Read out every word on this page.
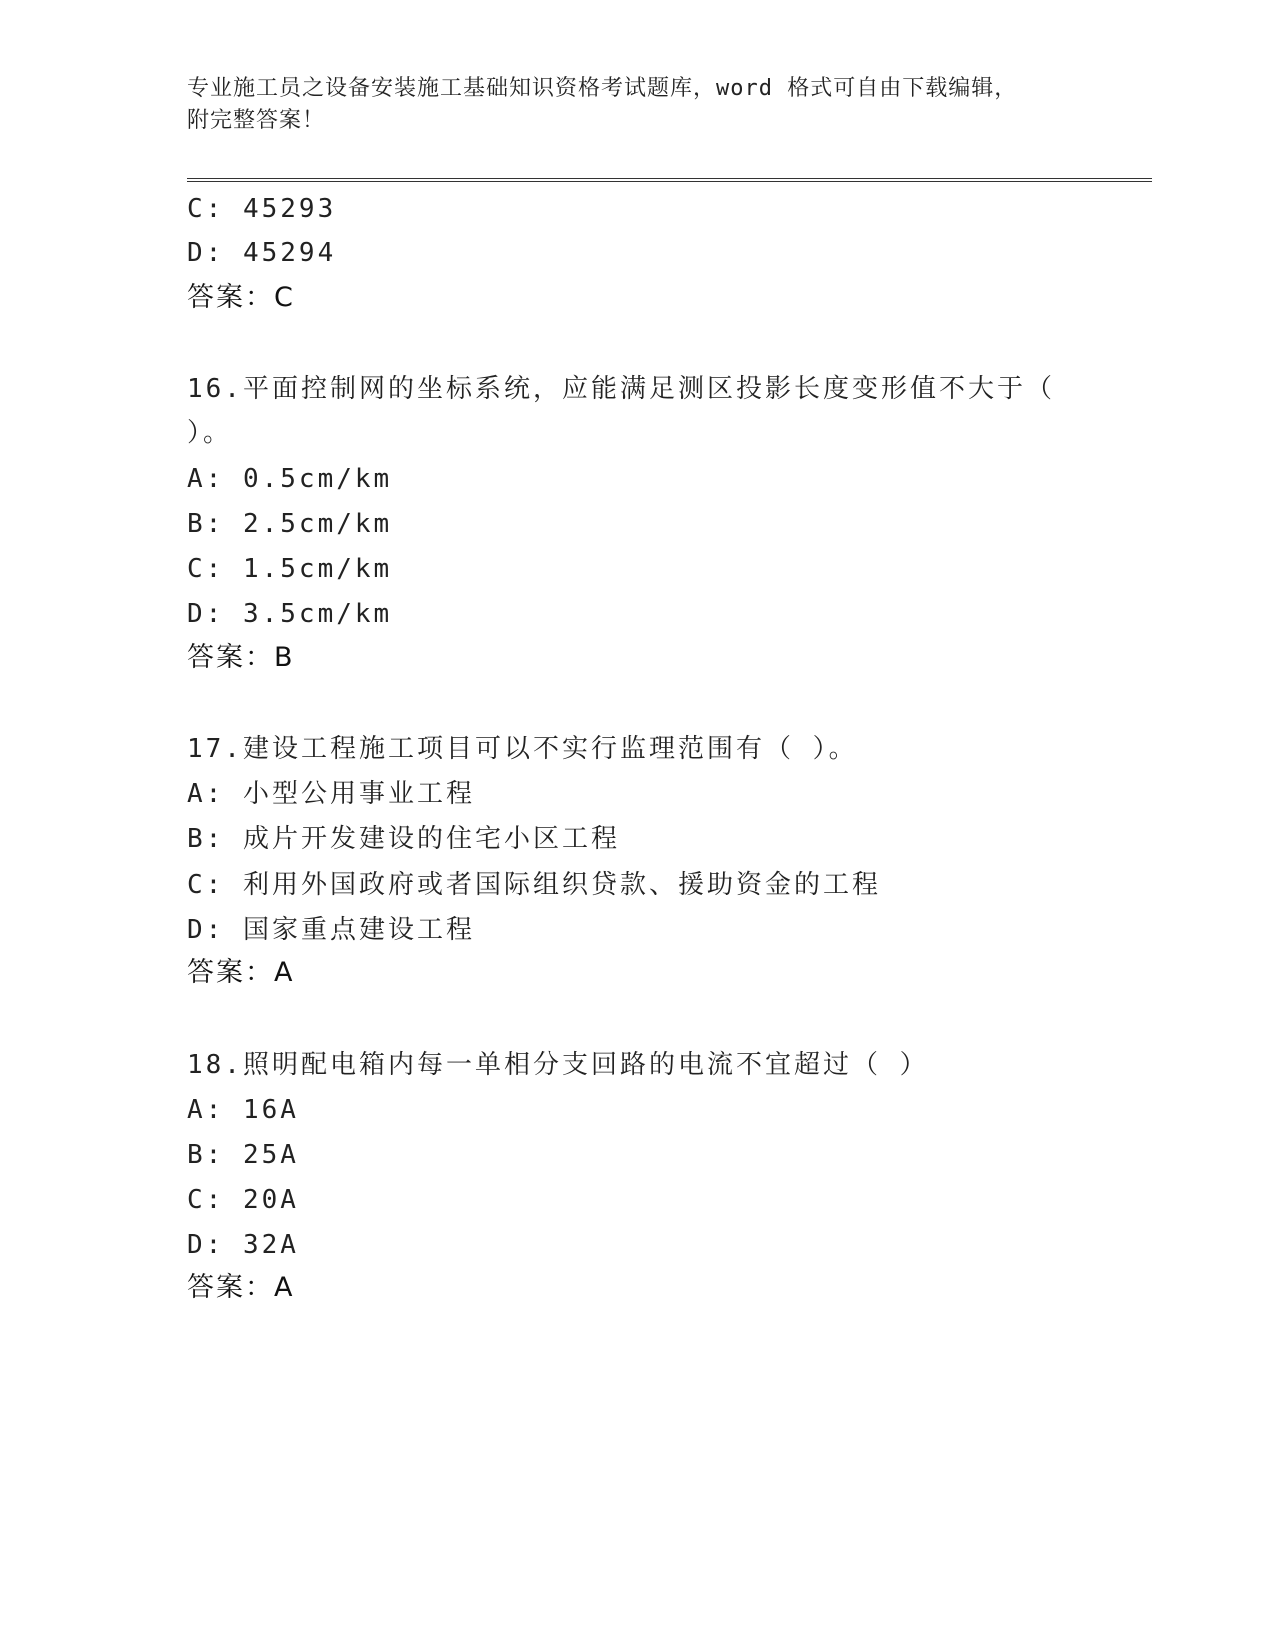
专业施工员之设备安装施工基础知识资格考试题库，word 格式可自由下载编辑，
附完整答案！
C: 45293
D: 45294
答案：C
16.平面控制网的坐标系统，应能满足测区投影长度变形值不大于（
）。
A: 0.5cm/km
B: 2.5cm/km
C: 1.5cm/km
D: 3.5cm/km
答案：B
17.建设工程施工项目可以不实行监理范围有（ ）。
A: 小型公用事业工程
B: 成片开发建设的住宅小区工程
C: 利用外国政府或者国际组织贷款、援助资金的工程
D: 国家重点建设工程
答案：A
18.照明配电箱内每一单相分支回路的电流不宜超过（ ）
A: 16A
B: 25A
C: 20A
D: 32A
答案：A
